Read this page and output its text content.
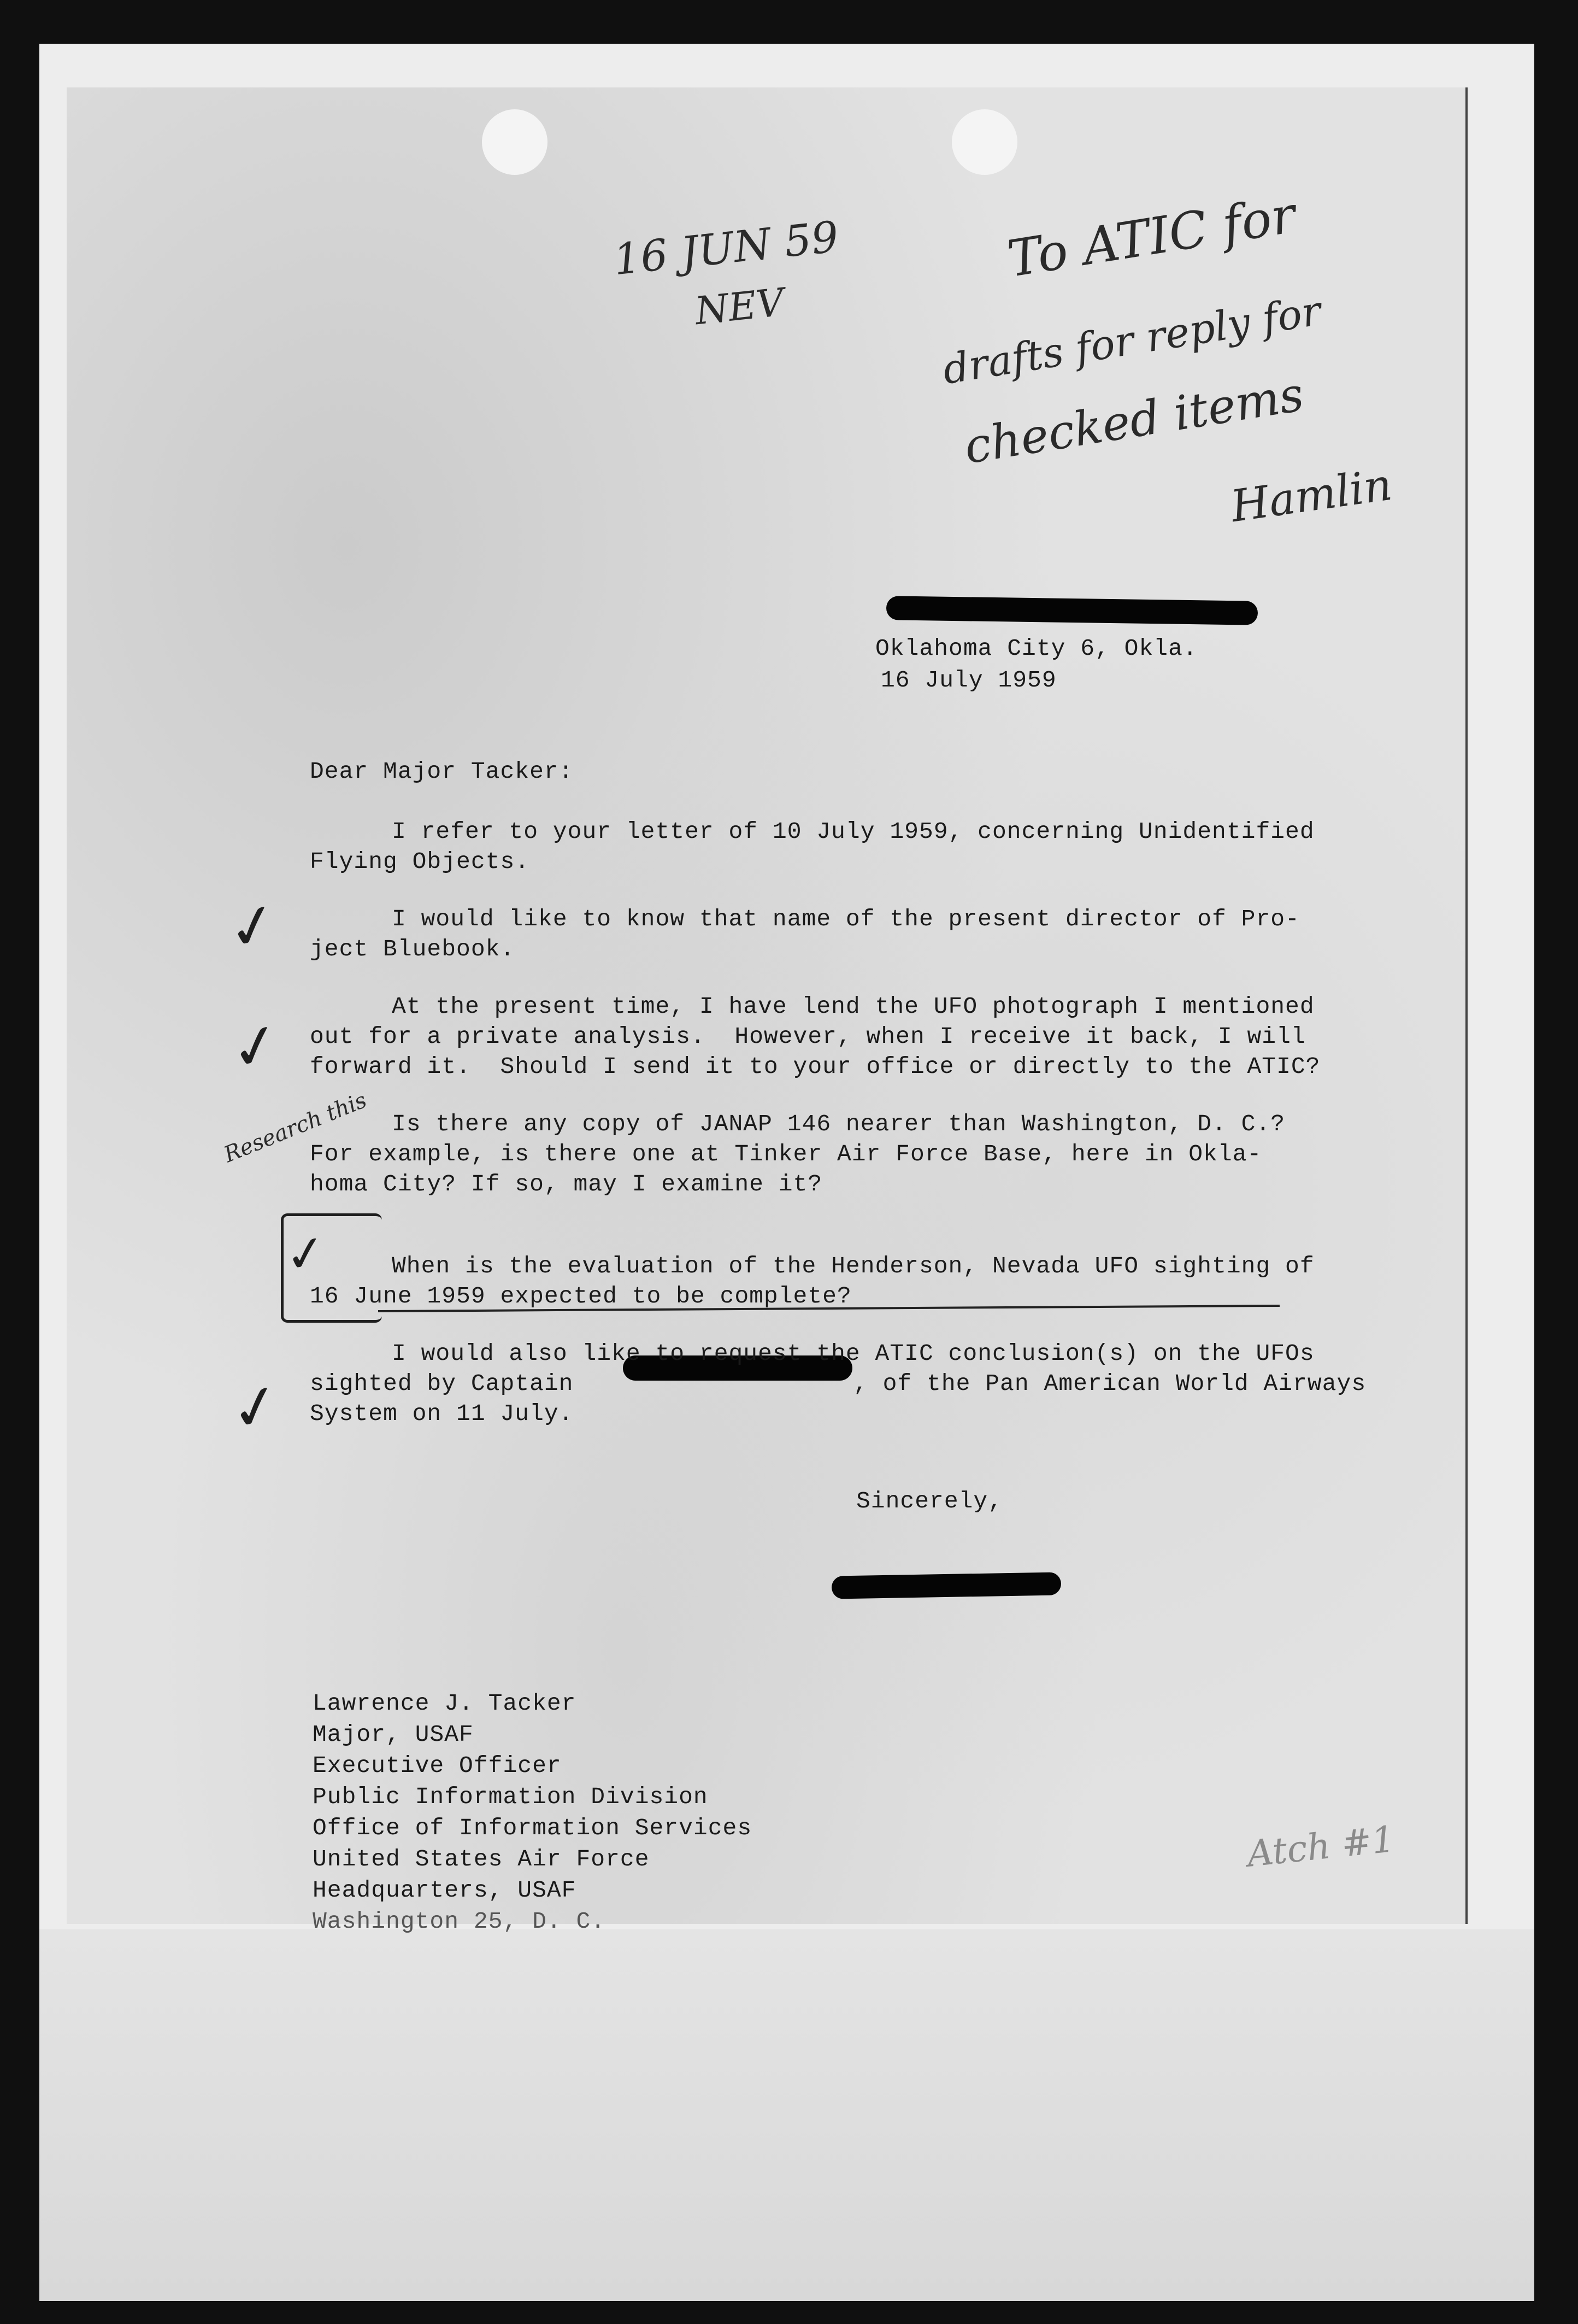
16 JUN 59
NEV
To ATIC for
drafts for reply for
checked items
Hamlin
Research this
Atch #1
Oklahoma City 6, Okla.
16 July 1959
Dear Major Tacker:
I refer to your letter of 10 July 1959, concerning Unidentified
Flying Objects.
✓	I would like to know that name of the present director of Pro-
ject Bluebook.
✓
At the present time, I have lend the UFO photograph I mentioned
out for a private analysis.  However, when I receive it back, I will
forward it.  Should I send it to your office or directly to the ATIC?
Is there any copy of JANAP 146 nearer than Washington, D. C.?
For example, is there one at Tinker Air Force Base, here in Okla-
homa City? If so, may I examine it?
✓	When is the evaluation of the Henderson, Nevada UFO sighting of
16 June 1959 expected to be complete?
✓
I would also like to request the ATIC conclusion(s) on the UFOs
sighted by Captain	, of the Pan American World Airways
System on 11 July.
Sincerely,
Lawrence J. Tacker
Major, USAF
Executive Officer
Public Information Division
Office of Information Services
United States Air Force
Headquarters, USAF
Washington 25, D. C.
